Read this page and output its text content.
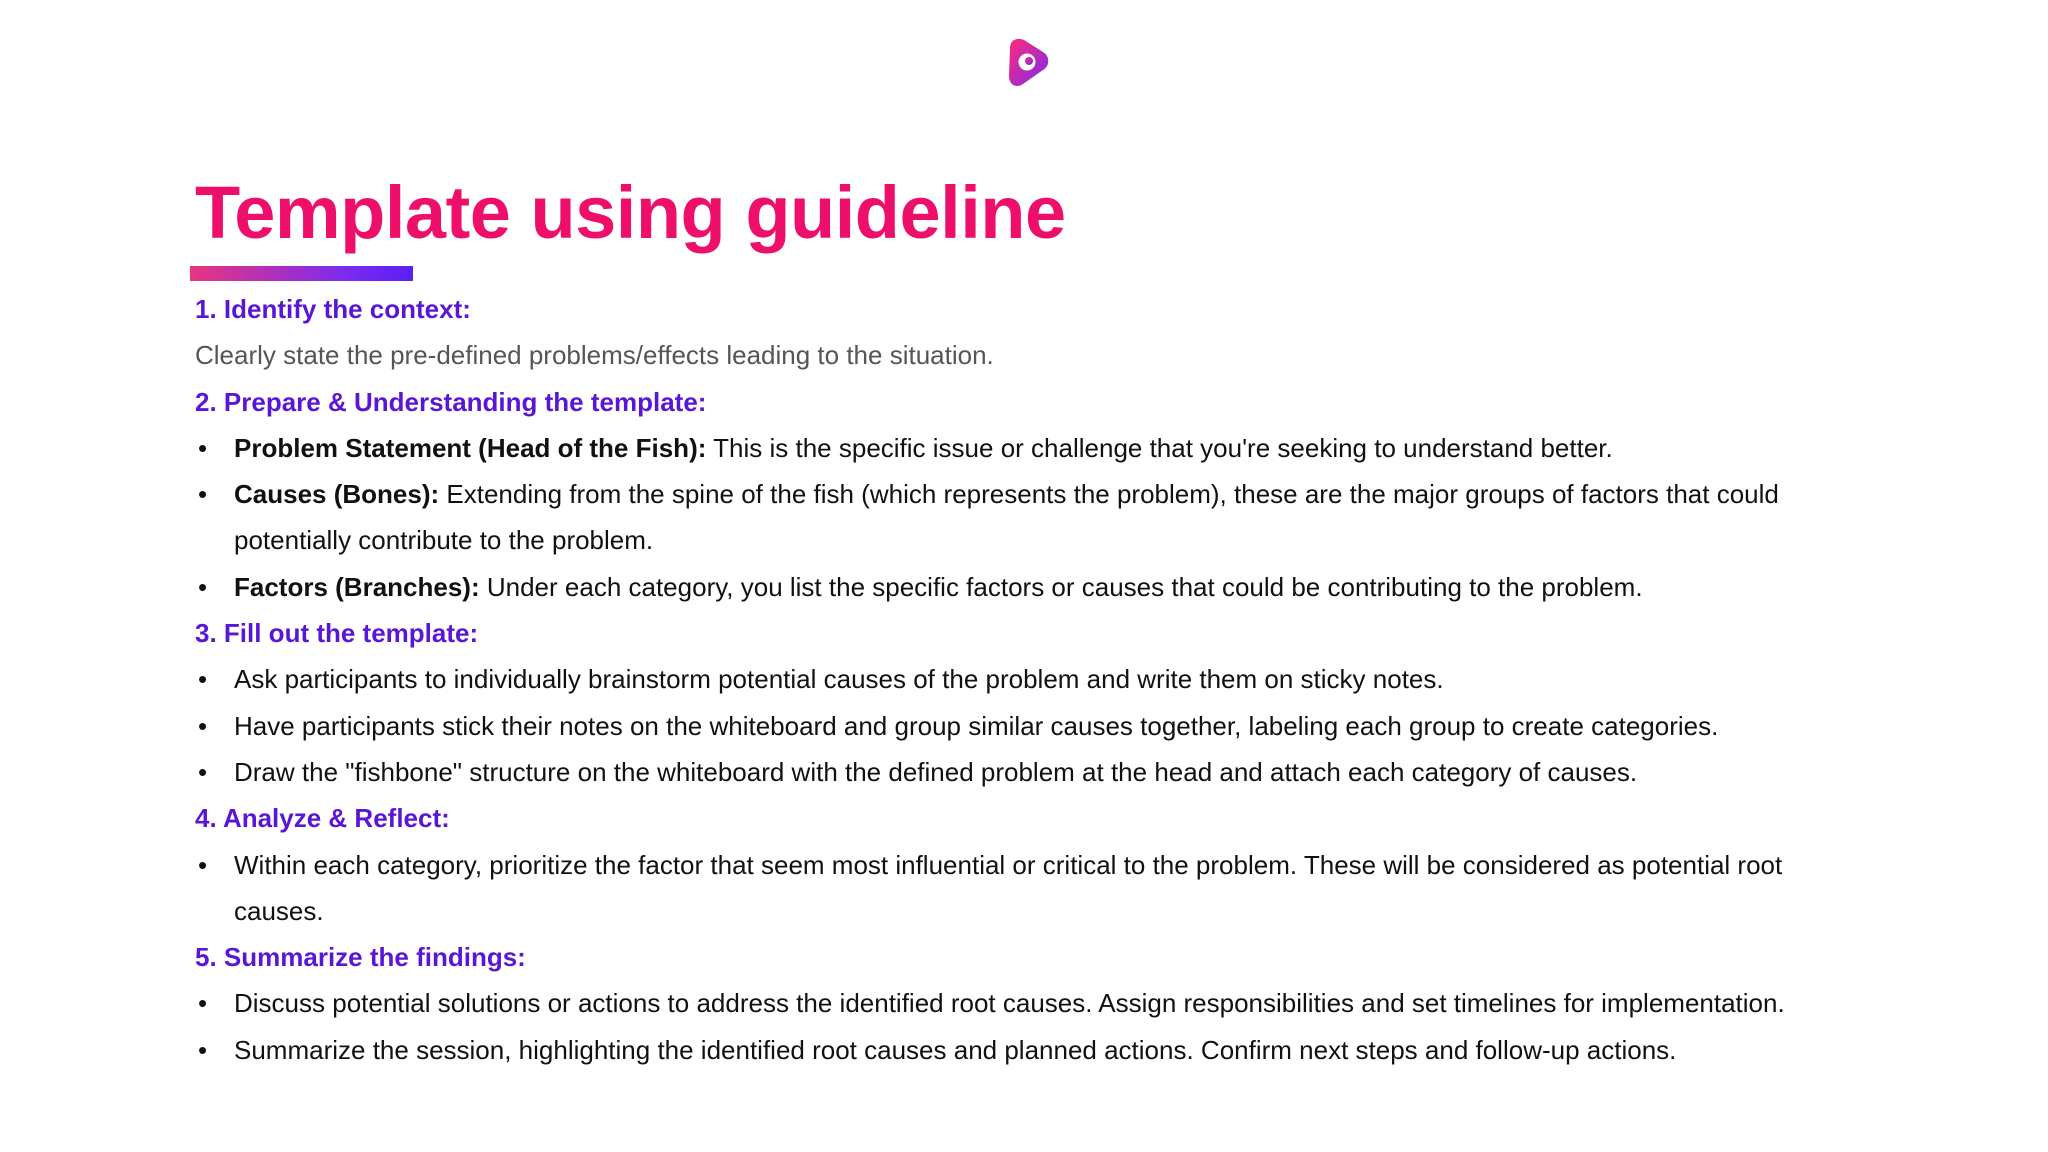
Template using guideline

1. Identify the context:

Clearly state the pre-defined problems/effects leading to the situation.

2. Prepare & Understanding the template:

• Problem Statement (Head of the Fish): This is the specific issue or challenge that you're seeking to understand better.
• Causes (Bones): Extending from the spine of the fish (which represents the problem), these are the major groups of factors that could
potentially contribute to the problem.
• Factors (Branches): Under each category, you list the specific factors or causes that could be contributing to the problem.

3. Fill out the template:

• Ask participants to individually brainstorm potential causes of the problem and write them on sticky notes.
• Have participants stick their notes on the whiteboard and group similar causes together, labeling each group to create categories.
• Draw the "fishbone" structure on the whiteboard with the defined problem at the head and attach each category of causes.

4. Analyze & Reflect:

• Within each category, prioritize the factor that seem most influential or critical to the problem. These will be considered as potential root
causes.

5. Summarize the findings:

• Discuss potential solutions or actions to address the identified root causes. Assign responsibilities and set timelines for implementation.
• Summarize the session, highlighting the identified root causes and planned actions. Confirm next steps and follow-up actions.
